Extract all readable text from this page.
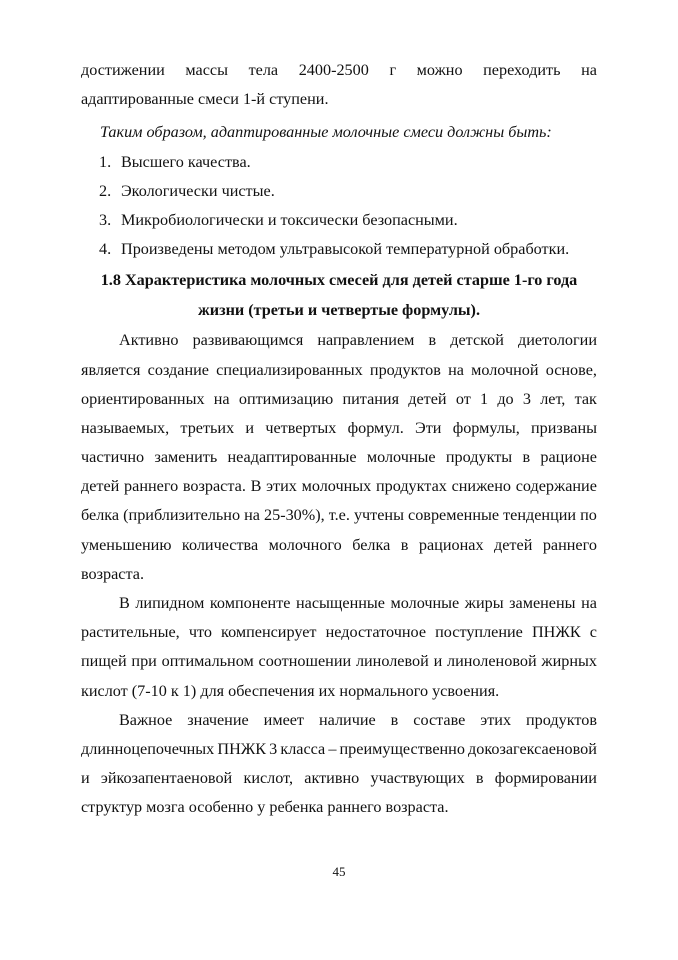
достижении массы тела 2400-2500 г можно переходить на
адаптированные смеси 1-й ступени.
Таким образом, адаптированные молочные смеси должны быть:
1. Высшего качества.
2. Экологически чистые.
3. Микробиологически и токсически безопасными.
4. Произведены методом ультравысокой температурной обработки.
1.8 Характеристика молочных смесей для детей старше 1-го года
жизни (третьи и четвертые формулы).
Активно развивающимся направлением в детской диетологии
является создание специализированных продуктов на молочной основе,
ориентированных на оптимизацию питания детей от 1 до 3 лет, так
называемых, третьих и четвертых формул. Эти формулы, призваны
частично заменить неадаптированные молочные продукты в рационе
детей раннего возраста. В этих молочных продуктах снижено содержание
белка (приблизительно на 25-30%), т.е. учтены современные тенденции по
уменьшению количества молочного белка в рационах детей раннего
возраста.
В липидном компоненте насыщенные молочные жиры заменены на
растительные, что компенсирует недостаточное поступление ПНЖК с
пищей при оптимальном соотношении линолевой и линоленовой жирных
кислот (7-10 к 1) для обеспечения их нормального усвоения.
Важное значение имеет наличие в составе этих продуктов
длинноцепочечных ПНЖК 3 класса – преимущественно докозагексаеновой
и эйкозапентаеновой кислот, активно участвующих в формировании
структур мозга особенно у ребенка раннего возраста.
45
